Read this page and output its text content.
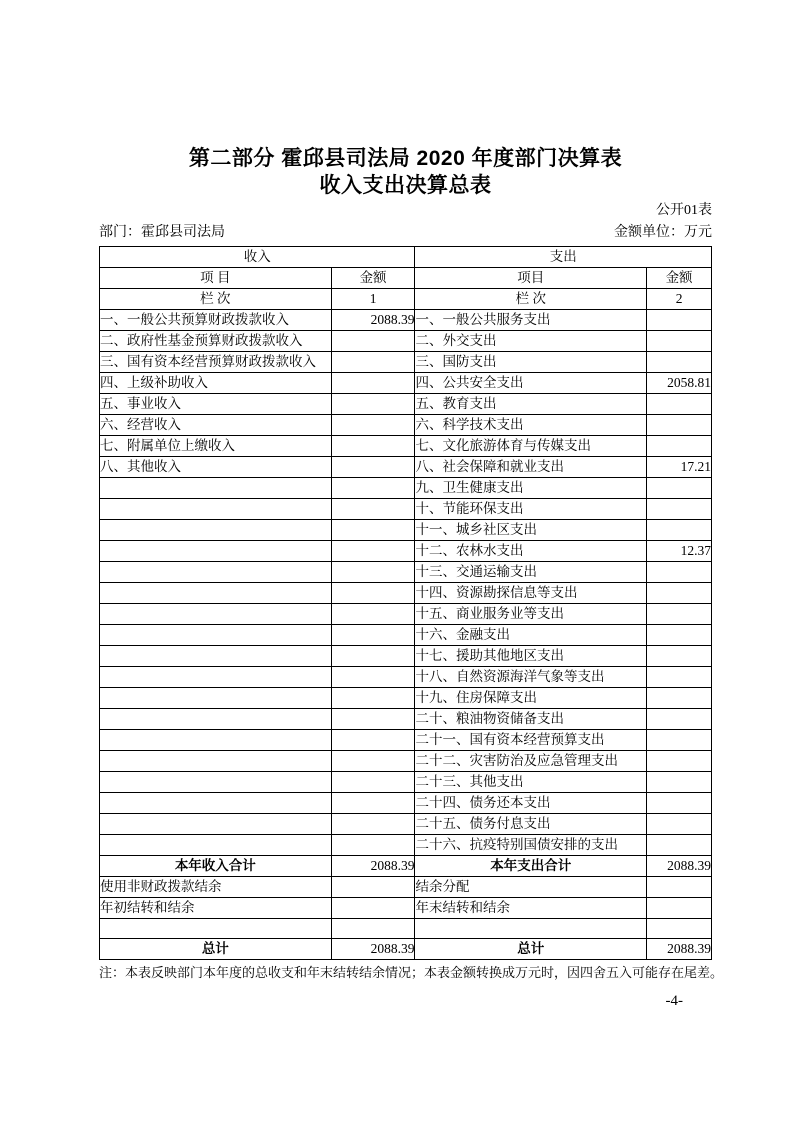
第二部分 霍邱县司法局 2020 年度部门决算表
收入支出决算总表
公开01表
部门：霍邱县司法局	金额单位：万元
收入		支出	
项 目	金额	项目	金额
栏 次	1	栏 次	2
一、一般公共预算财政拨款收入	2088.39	一、一般公共服务支出	
二、政府性基金预算财政拨款收入		二、外交支出	
三、国有资本经营预算财政拨款收入		三、国防支出	
四、上级补助收入		四、公共安全支出	2058.81
五、事业收入		五、教育支出	
六、经营收入		六、科学技术支出	
七、附属单位上缴收入		七、文化旅游体育与传媒支出	
八、其他收入		八、社会保障和就业支出	17.21
		九、卫生健康支出	
		十、节能环保支出	
		十一、城乡社区支出	
		十二、农林水支出	12.37
		十三、交通运输支出	
		十四、资源勘探信息等支出	
		十五、商业服务业等支出	
		十六、金融支出	
		十七、援助其他地区支出	
		十八、自然资源海洋气象等支出	
		十九、住房保障支出	
		二十、粮油物资储备支出	
		二十一、国有资本经营预算支出	
		二十二、灾害防治及应急管理支出	
		二十三、其他支出	
		二十四、债务还本支出	
		二十五、债务付息支出	
		二十六、抗疫特别国债安排的支出	
本年收入合计	2088.39	本年支出合计	2088.39
使用非财政拨款结余		结余分配	
年初结转和结余		年末结转和结余	

总计	2088.39	总计	2088.39
注：本表反映部门本年度的总收支和年末结转结余情况；本表金额转换成万元时，因四舍五入可能存在尾差。
-4-
